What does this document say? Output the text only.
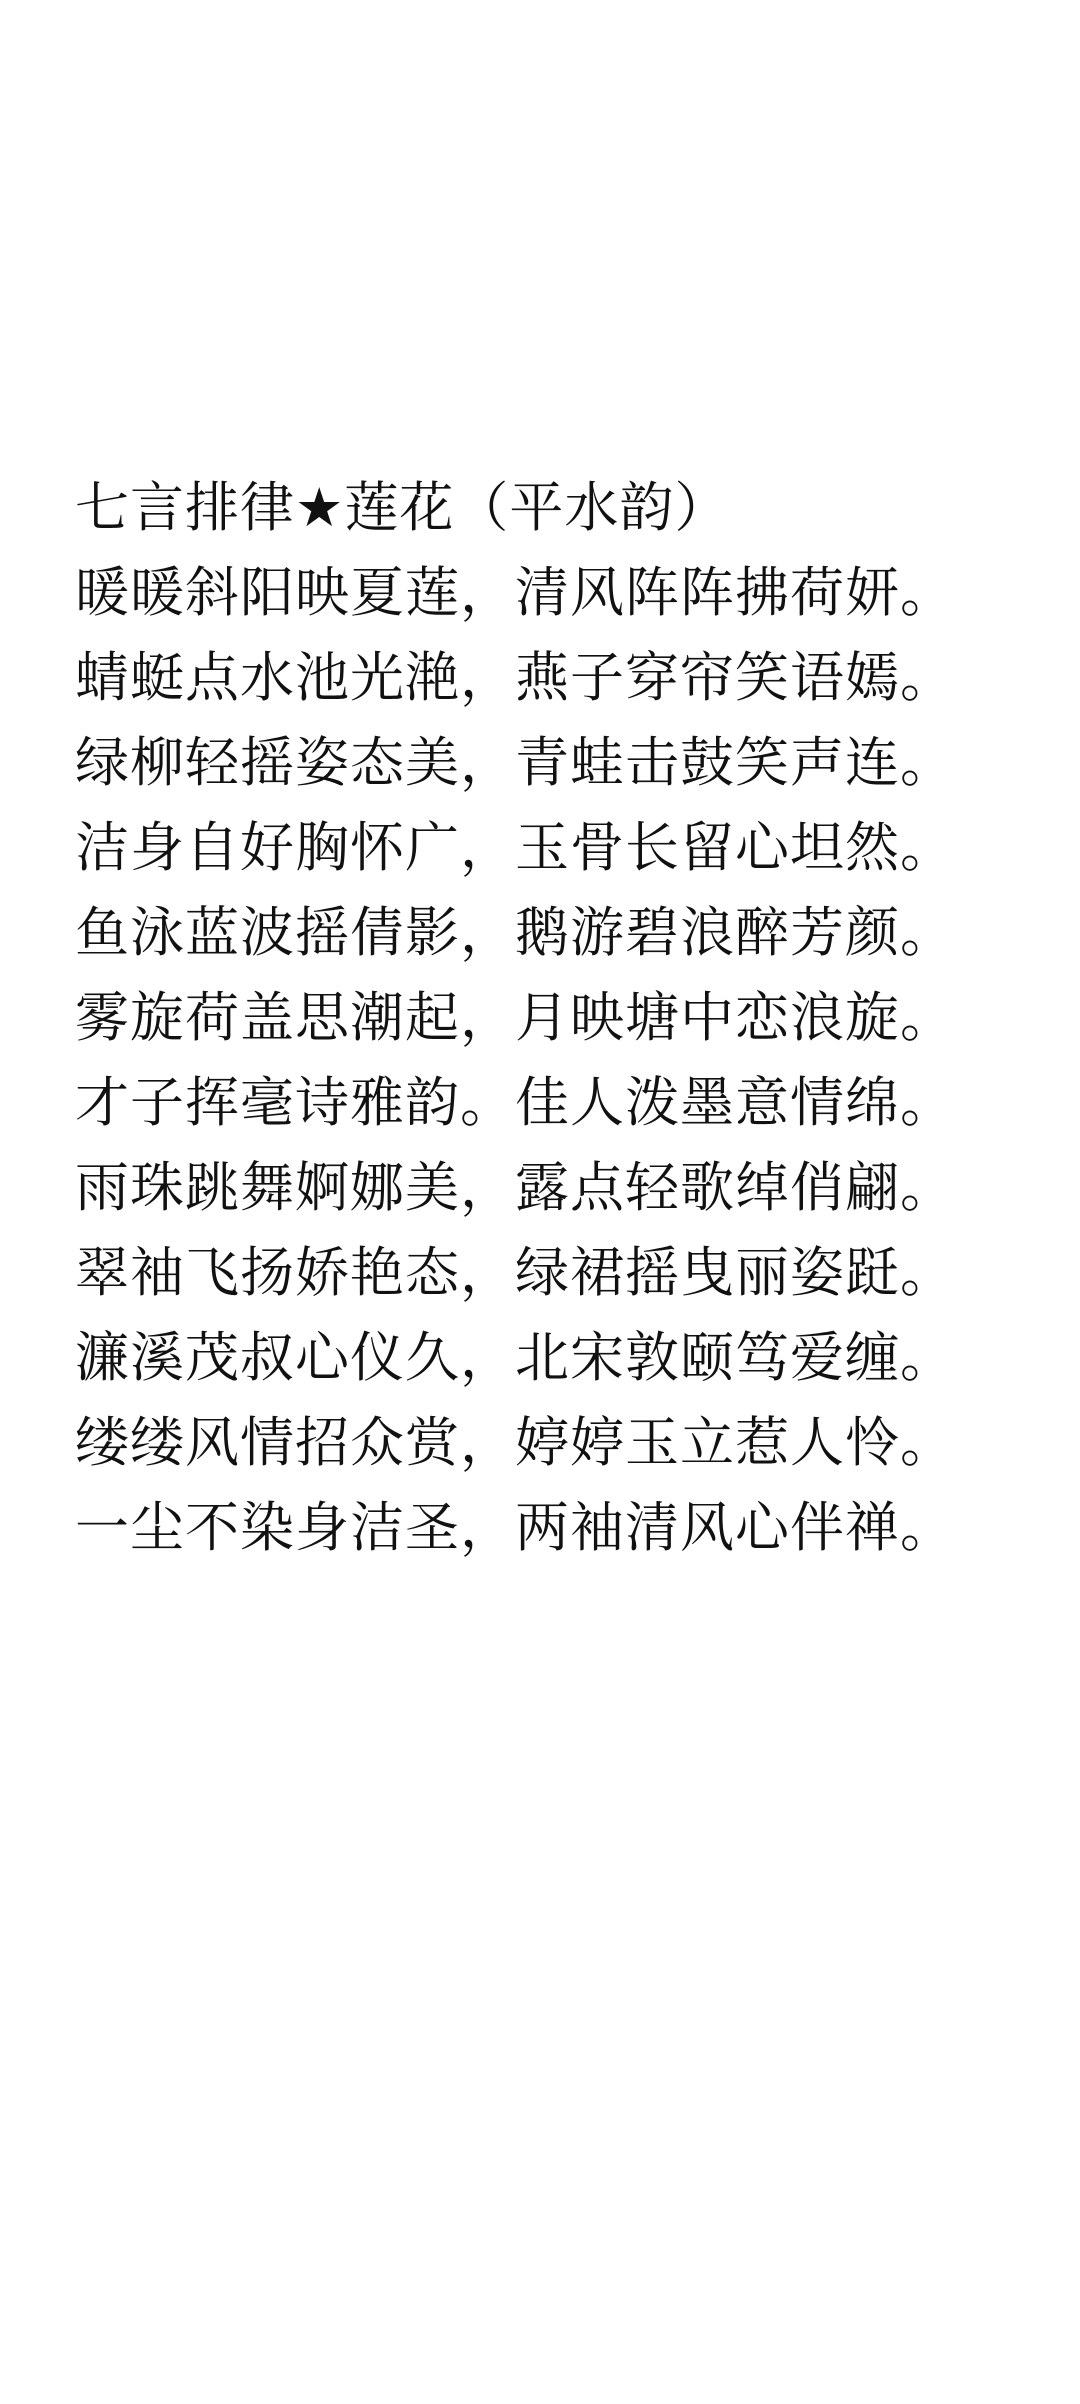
七言排律★莲花（平水韵）
暖暖斜阳映夏莲，清风阵阵拂荷妍。
蜻蜓点水池光滟，燕子穿帘笑语嫣。
绿柳轻摇姿态美，青蛙击鼓笑声连。
洁身自好胸怀广，玉骨长留心坦然。
鱼泳蓝波摇倩影，鹅游碧浪醉芳颜。
雾旋荷盖思潮起，月映塘中恋浪旋。
才子挥毫诗雅韵。佳人泼墨意情绵。
雨珠跳舞婀娜美，露点轻歌绰俏翩。
翠袖飞扬娇艳态，绿裙摇曳丽姿跹。
濂溪茂叔心仪久，北宋敦颐笃爱缠。
缕缕风情招众赏，婷婷玉立惹人怜。
一尘不染身洁圣，两袖清风心伴禅。
